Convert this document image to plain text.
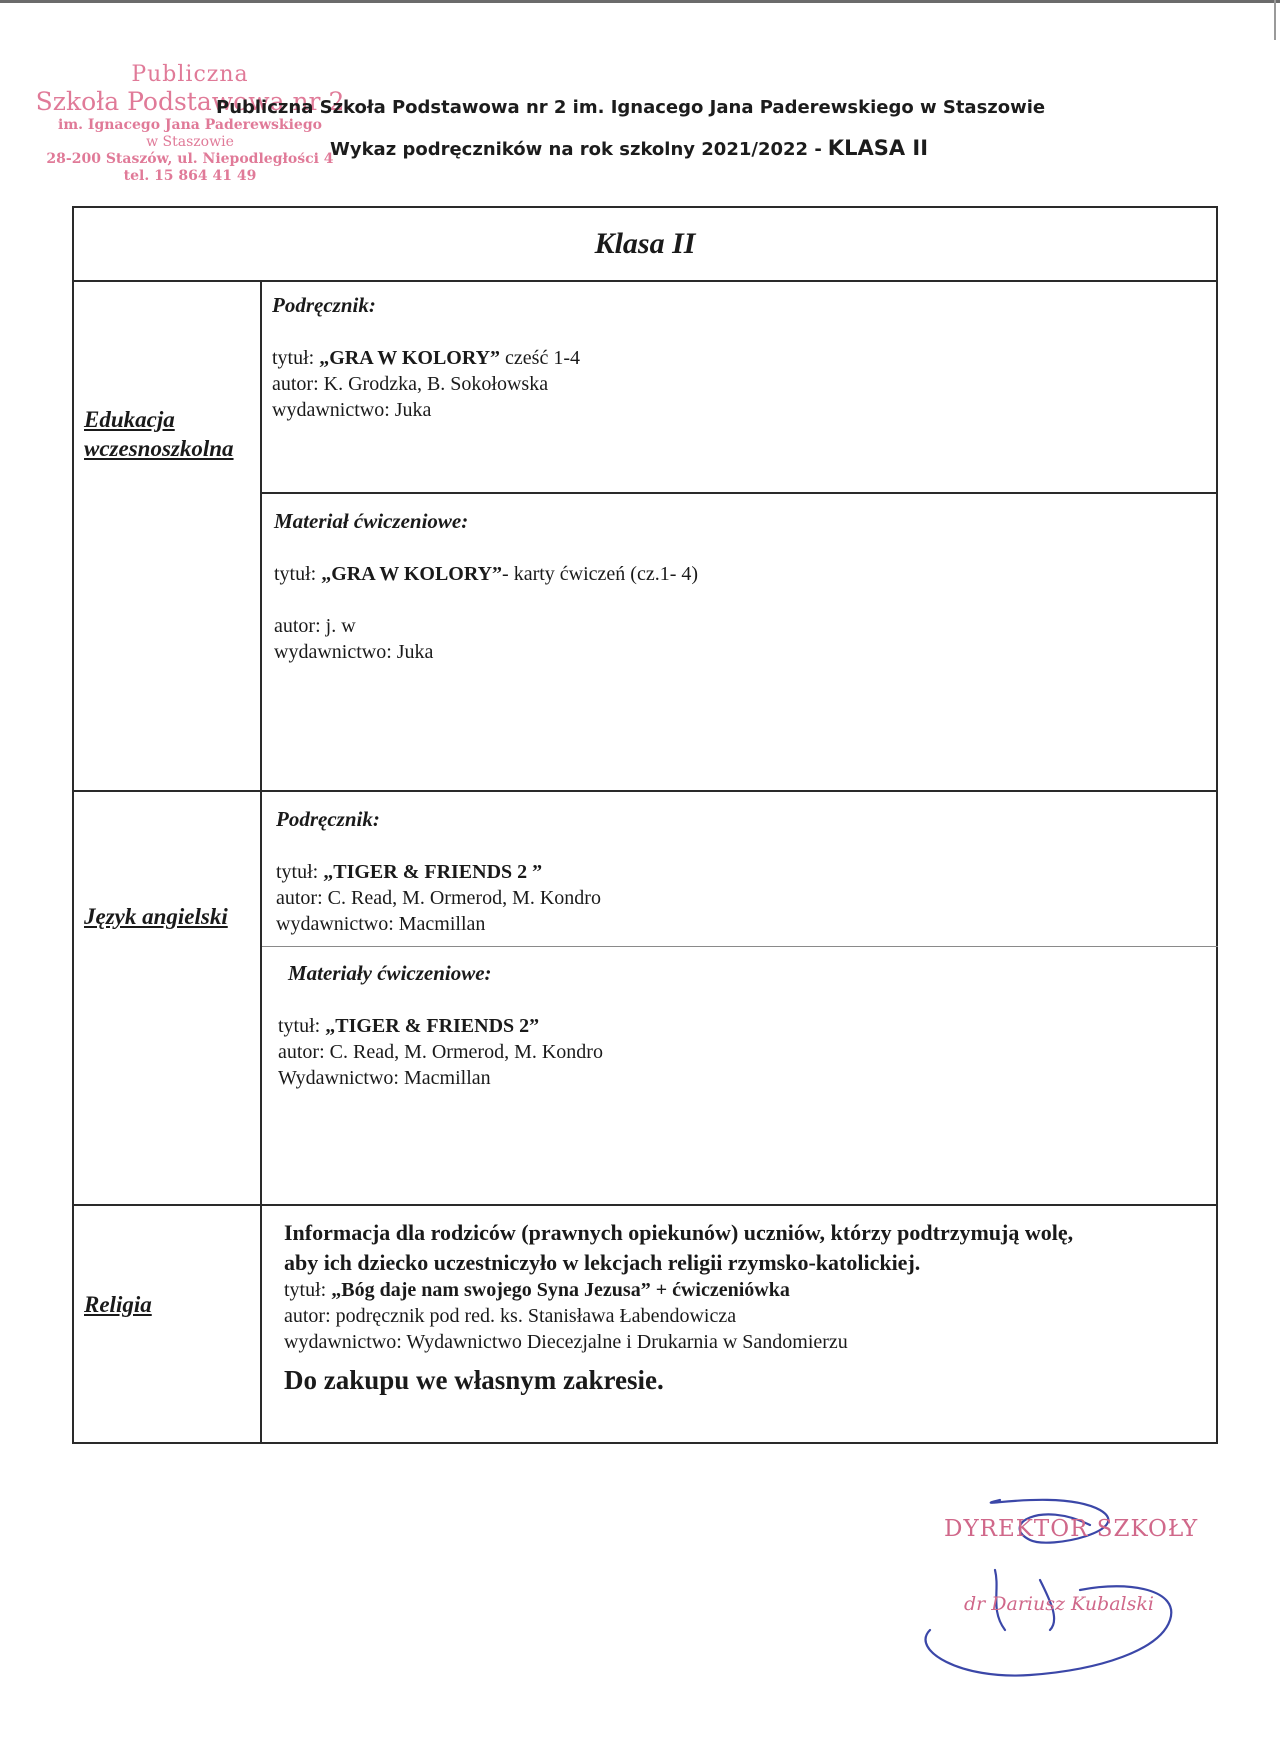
Publiczna
Szkoła Podstawowa nr 2
im. Ignacego Jana Paderewskiego
w Staszowie
28-200 Staszów, ul. Niepodległości 4
tel. 15 864 41 49
Publiczna Szkoła Podstawowa nr 2 im. Ignacego Jana Paderewskiego w Staszowie
Wykaz podręczników na rok szkolny 2021/2022 - KLASA II
Klasa II
Edukacja
wczesnoszkolna
Podręcznik:
tytuł: „GRA W KOLORY” cześć 1-4
autor: K. Grodzka, B. Sokołowska
wydawnictwo: Juka
Materiał ćwiczeniowe:
tytuł: „GRA W KOLORY”- karty ćwiczeń (cz.1- 4)
autor: j. w
wydawnictwo: Juka
Język angielski
Podręcznik:
tytuł: „TIGER & FRIENDS 2 ”
autor: C. Read, M. Ormerod, M. Kondro
wydawnictwo: Macmillan
Materiały ćwiczeniowe:
tytuł: „TIGER & FRIENDS 2”
autor: C. Read, M. Ormerod, M. Kondro
Wydawnictwo: Macmillan
Religia
Informacja dla rodziców (prawnych opiekunów) uczniów, którzy podtrzymują wolę,
aby ich dziecko uczestniczyło w lekcjach religii rzymsko-katolickiej.
tytuł: „Bóg daje nam swojego Syna Jezusa” + ćwiczeniówka
autor: podręcznik pod red. ks. Stanisława Łabendowicza
wydawnictwo: Wydawnictwo Diecezjalne i Drukarnia w Sandomierzu
Do zakupu we własnym zakresie.
DYREKTOR SZKOŁY
dr Dariusz Kubalski
